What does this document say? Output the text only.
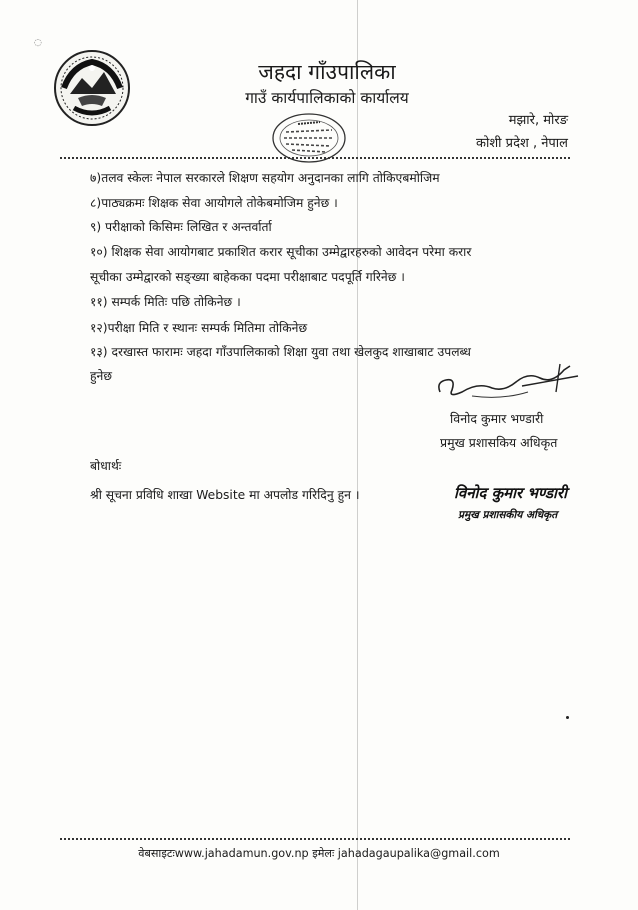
◌
जहदा गाँउपालिका
गाउँ कार्यपालिकाको कार्यालय
मझारे, मोरङ
कोशी प्रदेश , नेपाल
७)तलव स्केलः नेपाल सरकारले शिक्षण सहयोग अनुदानका लागि तोकिएबमोजिम
८)पाठ्यक्रमः शिक्षक सेवा आयोगले तोकेबमोजिम हुनेछ ।
९) परीक्षाको किसिमः लिखित र अन्तर्वार्ता
१०) शिक्षक सेवा आयोगबाट प्रकाशित करार सूचीका उम्मेद्वारहरुको आवेदन परेमा करार
सूचीका उम्मेद्वारको सङ्ख्या बाहेकका पदमा परीक्षाबाट पदपूर्ति गरिनेछ ।
११) सम्पर्क मितिः पछि तोकिनेछ ।
१२)परीक्षा मिति र स्थानः सम्पर्क मितिमा तोकिनेछ
१३) दरखास्त फारामः जहदा गाँउपालिकाको शिक्षा युवा तथा खेलकुद शाखाबाट उपलब्ध
हुनेछ
विनोद कुमार भण्डारी
प्रमुख प्रशासकिय अधिकृत
बोधार्थः
श्री सूचना प्रविधि शाखा Website मा अपलोड गरिदिनु हुन ।	विनोद कुमार भण्डारी
प्रमुख प्रशासकीय अधिकृत
वेबसाइटःwww.jahadamun.gov.np इमेलः jahadagaupalika@gmail.com
